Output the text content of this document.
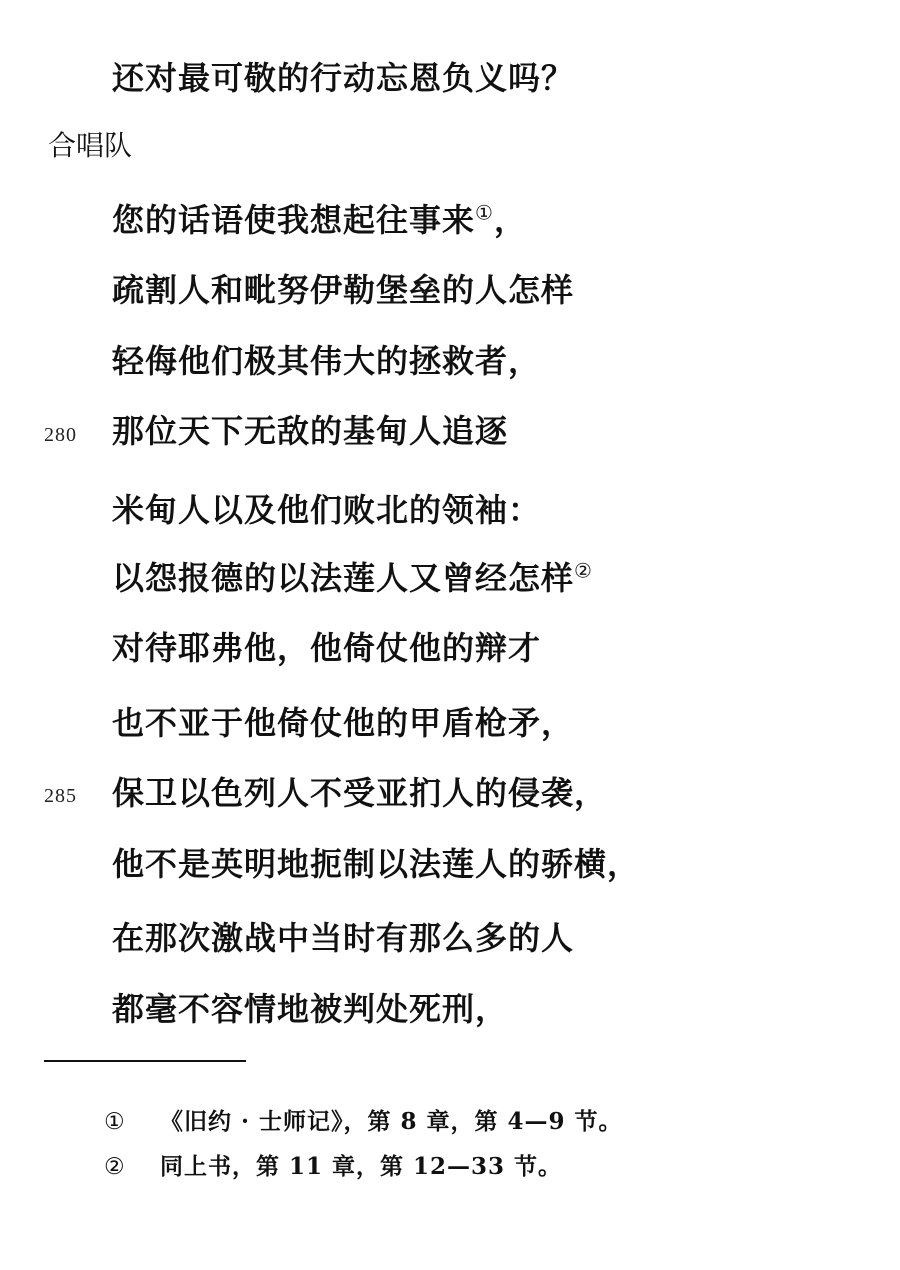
还对最可敬的行动忘恩负义吗？
合唱队
您的话语使我想起往事来①，
疏割人和毗努伊勒堡垒的人怎样
轻侮他们极其伟大的拯救者，
280 那位天下无敌的基甸人追逐
米甸人以及他们败北的领袖：
以怨报德的以法莲人又曾经怎样②
对待耶弗他，他倚仗他的辩才
也不亚于他倚仗他的甲盾枪矛，
285 保卫以色列人不受亚扪人的侵袭，
他不是英明地扼制以法莲人的骄横，
在那次激战中当时有那么多的人
都毫不容情地被判处死刑，
① 《旧约 · 士师记》，第 8 章，第 4—9 节。
② 同上书，第 11 章，第 12—33 节。
